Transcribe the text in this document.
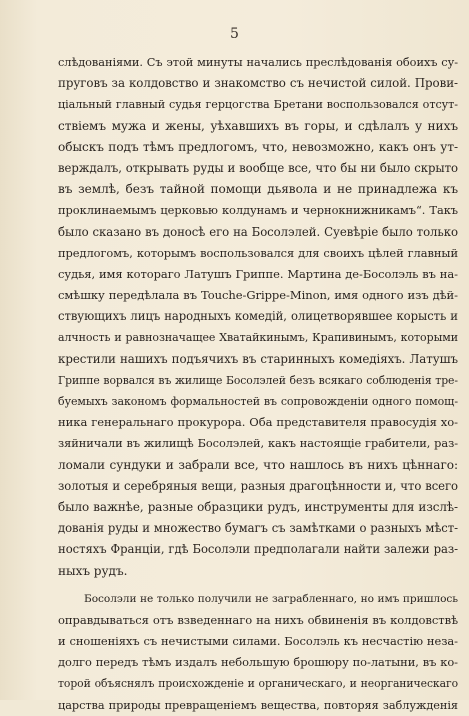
5
слѣдованіями. Съ этой минуты начались преслѣдованія обоихъ су-
пруговъ за колдовство и знакомство съ нечистой силой. Прови-
ціальный главный судья герцогства Бретани воспользовался отсут-
ствіемъ мужа и жены, уѣхавшихъ въ горы, и сдѣлалъ у нихъ
обыскъ подъ тѣмъ предлогомъ, что, невозможно, какъ онъ ут-
верждалъ, открывать руды и вообще все, что бы ни было скрыто
въ землѣ, безъ тайной помощи дьявола и не принадлежа къ
проклинаемымъ церковью колдунамъ и чернокнижникамъ“. Такъ
было сказано въ доносѣ его на Босолэлей. Суевѣріе было только
предлогомъ, которымъ воспользовался для своихъ цѣлей главный
судья, имя котораго Латушъ Гриппе. Мартина де-Босолэль въ на-
смѣшку передѣлала въ Touche-Grippe-Minon, имя одного изъ дѣй-
ствующихъ лицъ народныхъ комедій, олицетворявшее корысть и
алчность и равнозначащее Хватайкинымъ, Крапивинымъ, которыми
крестили нашихъ подъячихъ въ старинныхъ комедіяхъ. Латушъ
Гриппе ворвался въ жилище Босолэлей безъ всякаго соблюденія тре-
буемыхъ закономъ формальностей въ сопровожденіи одного помощ-
ника генеральнаго прокурора. Оба представителя правосудія хо-
зяйничали въ жилищѣ Босолэлей, какъ настоящіе грабители, раз-
ломали сундуки и забрали все, что нашлось въ нихъ цѣннаго:
золотыя и серебряныя вещи, разныя драгоцѣнности и, что всего
было важнѣе, разные образцики рудъ, инструменты для изслѣ-
дованія руды и множество бумагъ съ замѣтками о разныхъ мѣст-
ностяхъ Франціи, гдѣ Босолэли предполагали найти залежи раз-
ныхъ рудъ.
Босолэли не только получили не заграбленнаго, но имъ пришлось
оправдываться отъ взведеннаго на нихъ обвиненія въ колдовствѣ
и сношеніяхъ съ нечистыми силами. Босолэль къ несчастію неза-
долго передъ тѣмъ издалъ небольшую брошюру по-латыни, въ ко-
торой объяснялъ происхожденіе и органическаго, и неорганическаго
царства природы превращеніемъ вещества, повторяя заблужденія
